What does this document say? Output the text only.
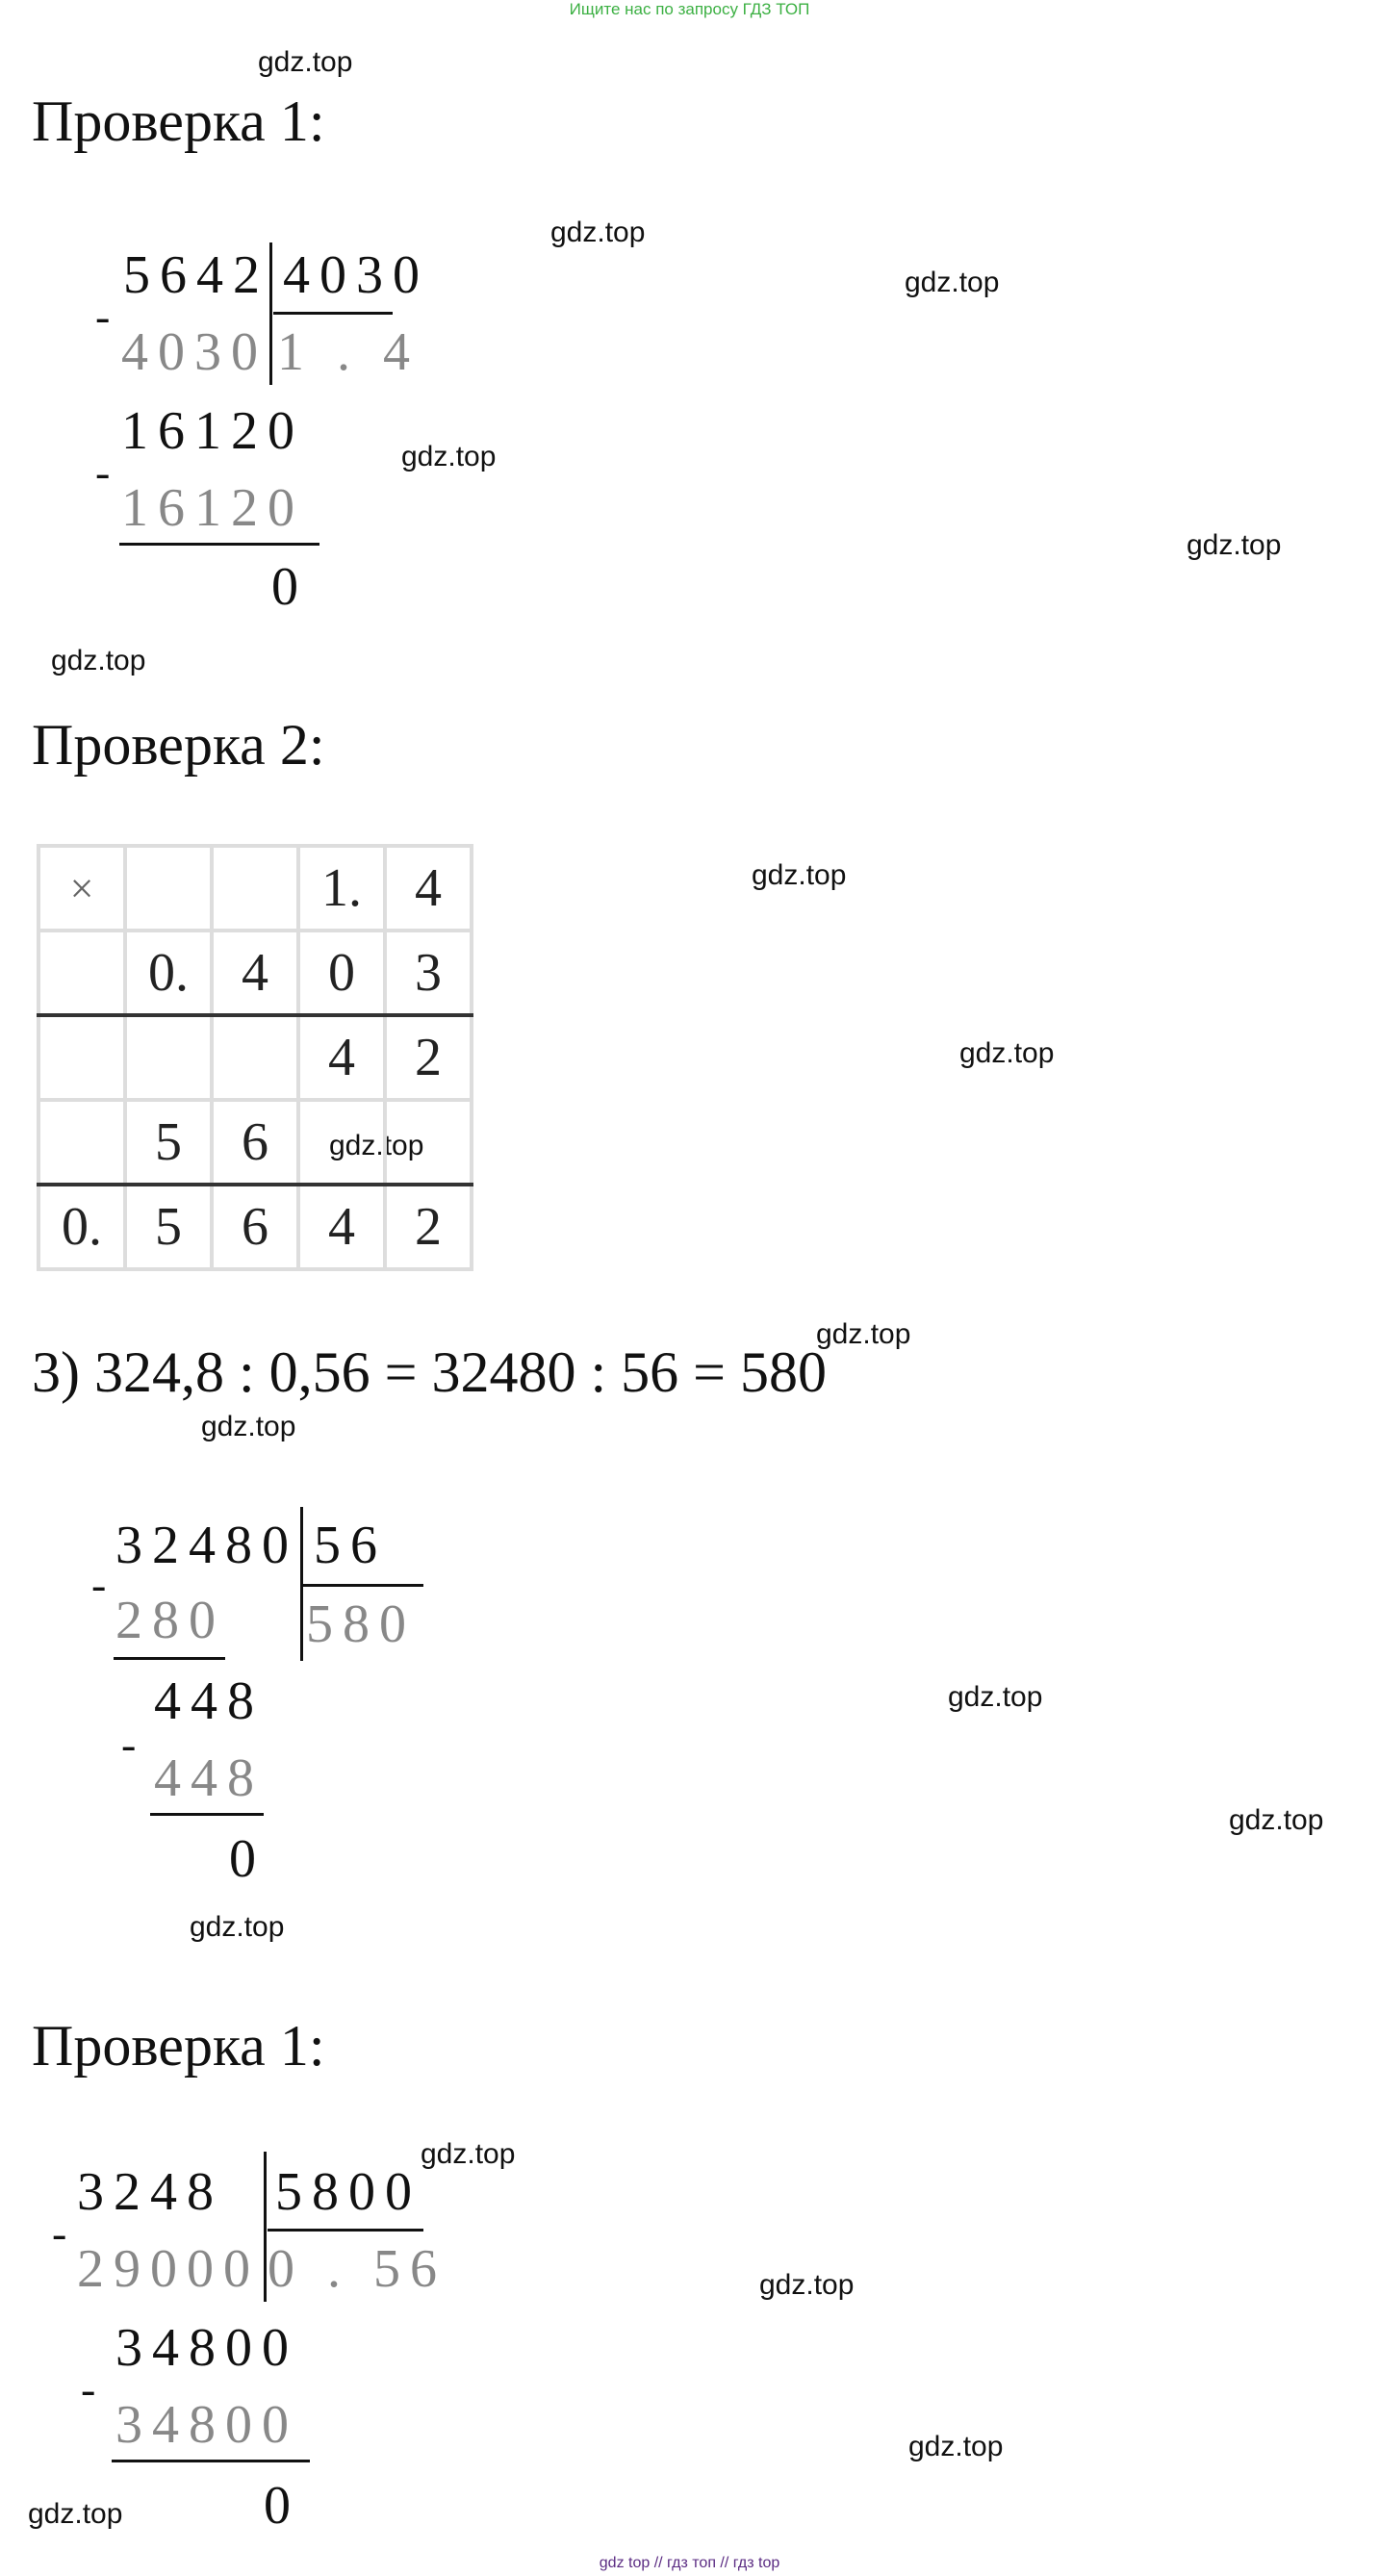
Ищите нас по запросу ГДЗ ТОП
gdz.top
gdz.top
gdz.top
gdz.top
gdz.top
gdz.top
gdz.top
gdz.top
gdz.top
gdz.top
gdz.top
gdz.top
gdz.top
gdz.top
gdz.top
gdz.top
gdz.top
gdz.top
Проверка 1:
5642 4030
-
4030 1 . 4
16120
-
16120
0
Проверка 2:
×			1.	4
	0.	4	0	3
			4	2
	5	6		
0.	5	6	4	2
3) 324,8 : 0,56 = 32480 : 56 = 580
32480 56
-
280 580
448
-
448
0
Проверка 1:
3248 5800
-
29000 0 . 56
34800
-
34800
0
gdz top // гдз топ // гдз top
